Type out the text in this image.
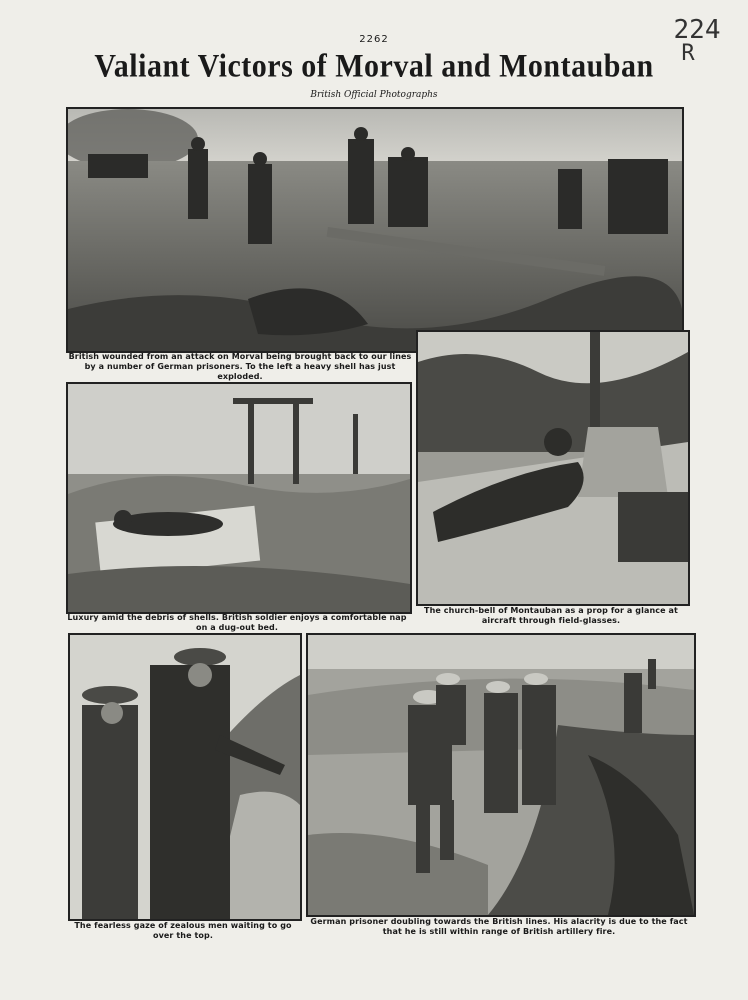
2262	224
R
Valiant Victors of Morval and Montauban
British Official Photographs
British wounded from an attack on Morval being brought back to our lines by a number of German prisoners. To the left a heavy shell has just exploded.
Luxury amid the debris of shells. British soldier enjoys a comfortable nap on a dug-out bed.
The church-bell of Montauban as a prop for a glance at aircraft through field-glasses.
The fearless gaze of zealous men waiting to go over the top.
German prisoner doubling towards the British lines. His alacrity is due to the fact that he is still within range of British artillery fire.
